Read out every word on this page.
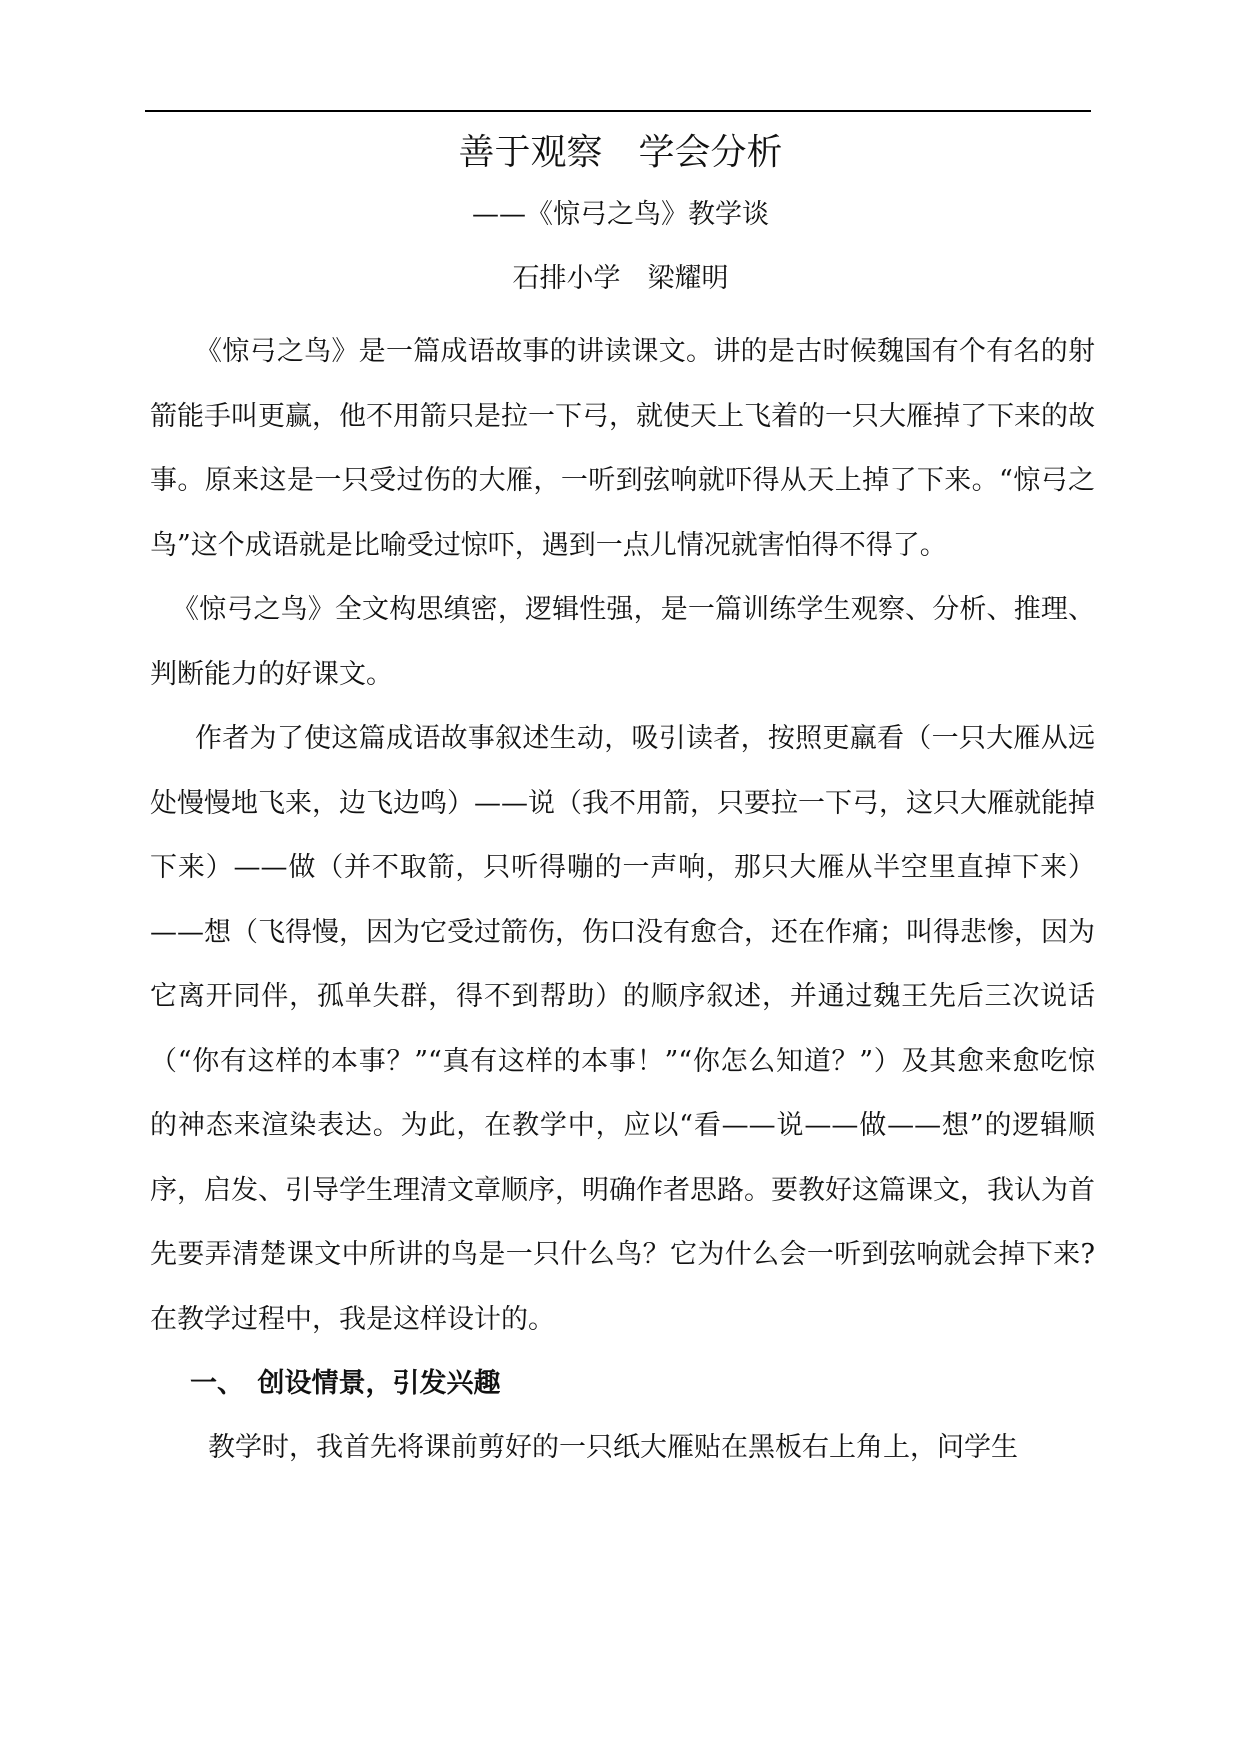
善于观察　学会分析
——《惊弓之鸟》教学谈
石排小学　梁耀明

《惊弓之鸟》是一篇成语故事的讲读课文。讲的是古时候魏国有个有名的射箭能手叫更赢，他不用箭只是拉一下弓，就使天上飞着的一只大雁掉了下来的故事。原来这是一只受过伤的大雁，一听到弦响就吓得从天上掉了下来。“惊弓之鸟”这个成语就是比喻受过惊吓，遇到一点儿情况就害怕得不得了。

《惊弓之鸟》全文构思缜密，逻辑性强，是一篇训练学生观察、分析、推理、判断能力的好课文。

作者为了使这篇成语故事叙述生动，吸引读者，按照更羸看（一只大雁从远处慢慢地飞来，边飞边鸣）——说（我不用箭，只要拉一下弓，这只大雁就能掉下来）——做（并不取箭，只听得嘣的一声响，那只大雁从半空里直掉下来）——想（飞得慢，因为它受过箭伤，伤口没有愈合，还在作痛；叫得悲惨，因为它离开同伴，孤单失群，得不到帮助）的顺序叙述，并通过魏王先后三次说话（“你有这样的本事？”“真有这样的本事！”“你怎么知道？”）及其愈来愈吃惊的神态来渲染表达。为此，在教学中，应以“看——说——做——想”的逻辑顺序，启发、引导学生理清文章顺序，明确作者思路。要教好这篇课文，我认为首先要弄清楚课文中所讲的鸟是一只什么鸟？它为什么会一听到弦响就会掉下来?在教学过程中，我是这样设计的。

一、　创设情景，引发兴趣

教学时，我首先将课前剪好的一只纸大雁贴在黑板右上角上，问学生
